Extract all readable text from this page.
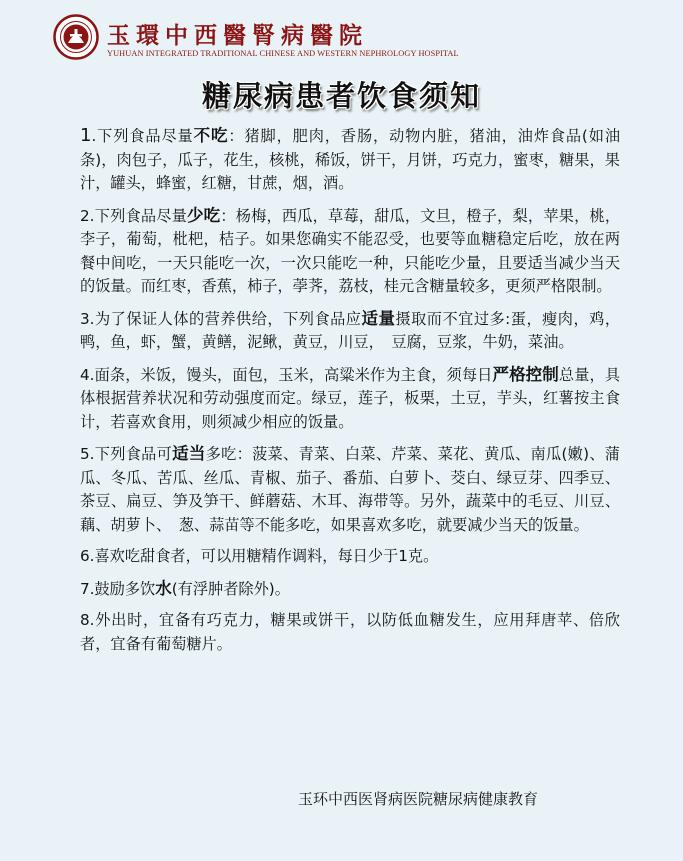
玉環中西醫腎病醫院
YUHUAN INTEGRATED TRADITIONAL CHINESE AND WESTERN NEPHROLOGY HOSPITAL
糖尿病患者饮食须知

1.下列食品尽量不吃：猪脚，肥肉，香肠，动物内脏，猪油，油炸食品(如油条)，肉包子，瓜子，花生，核桃，稀饭，饼干，月饼，巧克力，蜜枣，糖果，果汁，罐头，蜂蜜，红糖，甘蔗，烟，酒。

2.下列食品尽量少吃：杨梅，西瓜，草莓，甜瓜，文旦，橙子，梨，苹果，桃，李子，葡萄，枇杷，桔子。如果您确实不能忍受，也要等血糖稳定后吃，放在两餐中间吃，一天只能吃一次，一次只能吃一种，只能吃少量，且要适当减少当天的饭量。而红枣，香蕉，柿子，荸荠，荔枝，桂元含糖量较多，更须严格限制。

3.为了保证人体的营养供给，下列食品应适量摄取而不宜过多:蛋，瘦肉，鸡，鸭，鱼，虾，蟹，黄鳝，泥鳅，黄豆，川豆，　豆腐，豆浆，牛奶，菜油。

4.面条，米饭，馒头，面包，玉米，高粱米作为主食，须每日严格控制总量，具体根据营养状况和劳动强度而定。绿豆，莲子，板栗，土豆，芋头，红薯按主食计，若喜欢食用，则须减少相应的饭量。

5.下列食品可适当多吃：菠菜、青菜、白菜、芹菜、菜花、黄瓜、南瓜(嫩)、蒲瓜、冬瓜、苦瓜、丝瓜、青椒、茄子、番茄、白萝卜、茭白、绿豆芽、四季豆、茶豆、扁豆、笋及笋干、鲜蘑菇、木耳、海带等。另外，蔬菜中的毛豆、川豆、藕、胡萝卜、　葱、蒜苗等不能多吃，如果喜欢多吃，就要减少当天的饭量。

6.喜欢吃甜食者，可以用糖精作调料，每日少于1克。

7.鼓励多饮水(有浮肿者除外)。

8.外出时，宜备有巧克力，糖果或饼干，以防低血糖发生，应用拜唐苹、倍欣者，宜备有葡萄糖片。

玉环中西医肾病医院糖尿病健康教育
